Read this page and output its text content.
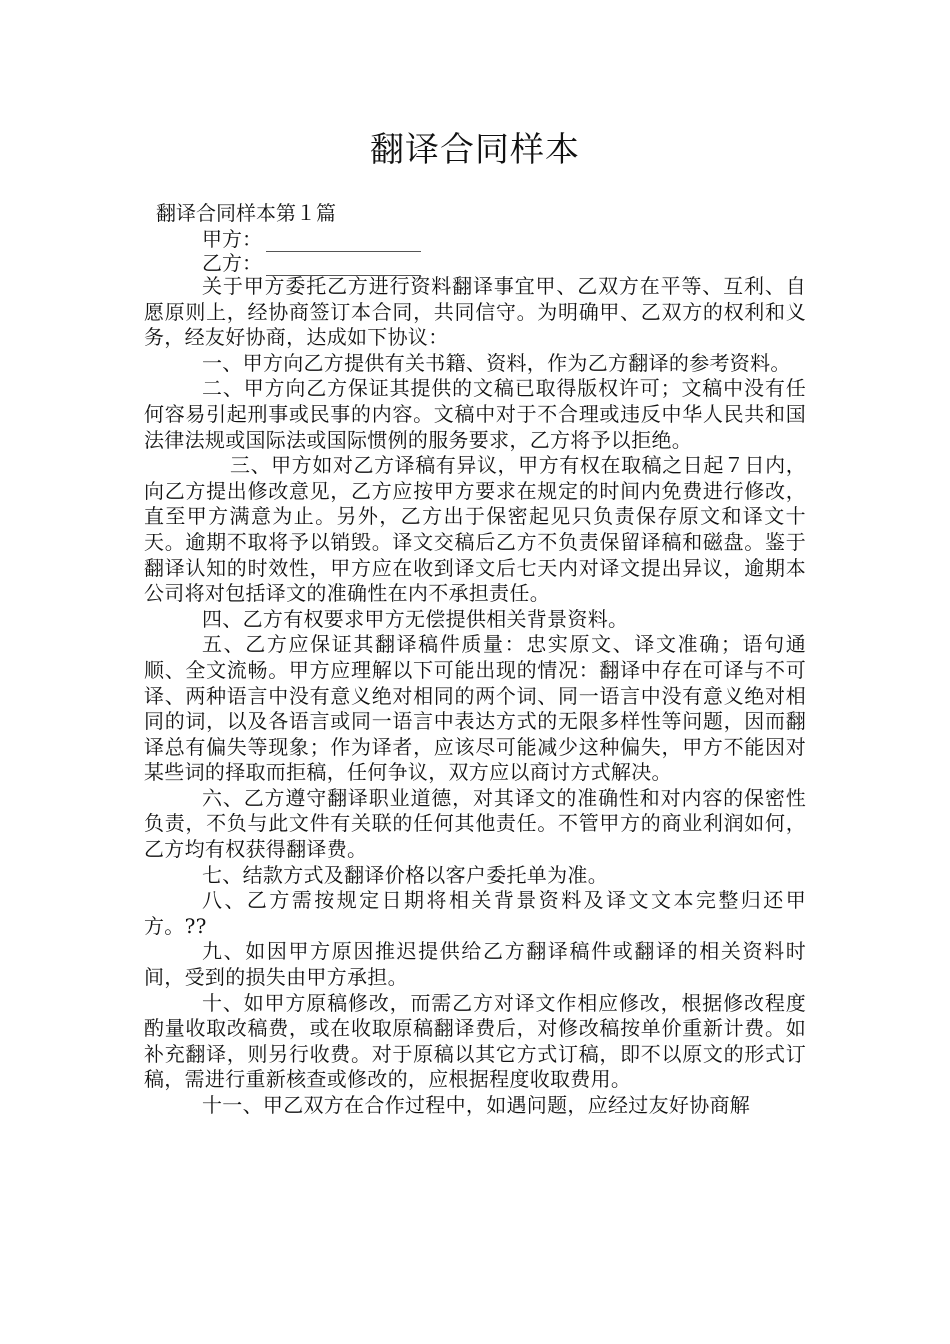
翻译合同样本

翻译合同样本第１篇

甲方：
乙方：

关于甲方委托乙方进行资料翻译事宜甲、乙双方在平等、互利、自愿原则上，经协商签订本合同，共同信守。为明确甲、乙双方的权利和义务，经友好协商，达成如下协议：

一、甲方向乙方提供有关书籍、资料，作为乙方翻译的参考资料。

二、甲方向乙方保证其提供的文稿已取得版权许可；文稿中没有任何容易引起刑事或民事的内容。文稿中对于不合理或违反中华人民共和国法律法规或国际法或国际惯例的服务要求，乙方将予以拒绝。

三、甲方如对乙方译稿有异议，甲方有权在取稿之日起７日内，向乙方提出修改意见，乙方应按甲方要求在规定的时间内免费进行修改，直至甲方满意为止。另外，乙方出于保密起见只负责保存原文和译文十天。逾期不取将予以销毁。译文交稿后乙方不负责保留译稿和磁盘。鉴于翻译认知的时效性，甲方应在收到译文后七天内对译文提出异议，逾期本公司将对包括译文的准确性在内不承担责任。

四、乙方有权要求甲方无偿提供相关背景资料。

五、乙方应保证其翻译稿件质量：忠实原文、译文准确；语句通顺、全文流畅。甲方应理解以下可能出现的情况：翻译中存在可译与不可译、两种语言中没有意义绝对相同的两个词、同一语言中没有意义绝对相同的词，以及各语言或同一语言中表达方式的无限多样性等问题，因而翻译总有偏失等现象；作为译者，应该尽可能减少这种偏失，甲方不能因对某些词的择取而拒稿，任何争议，双方应以商讨方式解决。

六、乙方遵守翻译职业道德，对其译文的准确性和对内容的保密性负责，不负与此文件有关联的任何其他责任。不管甲方的商业利润如何，乙方均有权获得翻译费。

七、结款方式及翻译价格以客户委托单为准。

八、乙方需按规定日期将相关背景资料及译文文本完整归还甲方。??

九、如因甲方原因推迟提供给乙方翻译稿件或翻译的相关资料时间，受到的损失由甲方承担。

十、如甲方原稿修改，而需乙方对译文作相应修改，根据修改程度酌量收取改稿费，或在收取原稿翻译费后，对修改稿按单价重新计费。如补充翻译，则另行收费。对于原稿以其它方式订稿，即不以原文的形式订稿，需进行重新核查或修改的，应根据程度收取费用。

十一、甲乙双方在合作过程中，如遇问题，应经过友好协商解
